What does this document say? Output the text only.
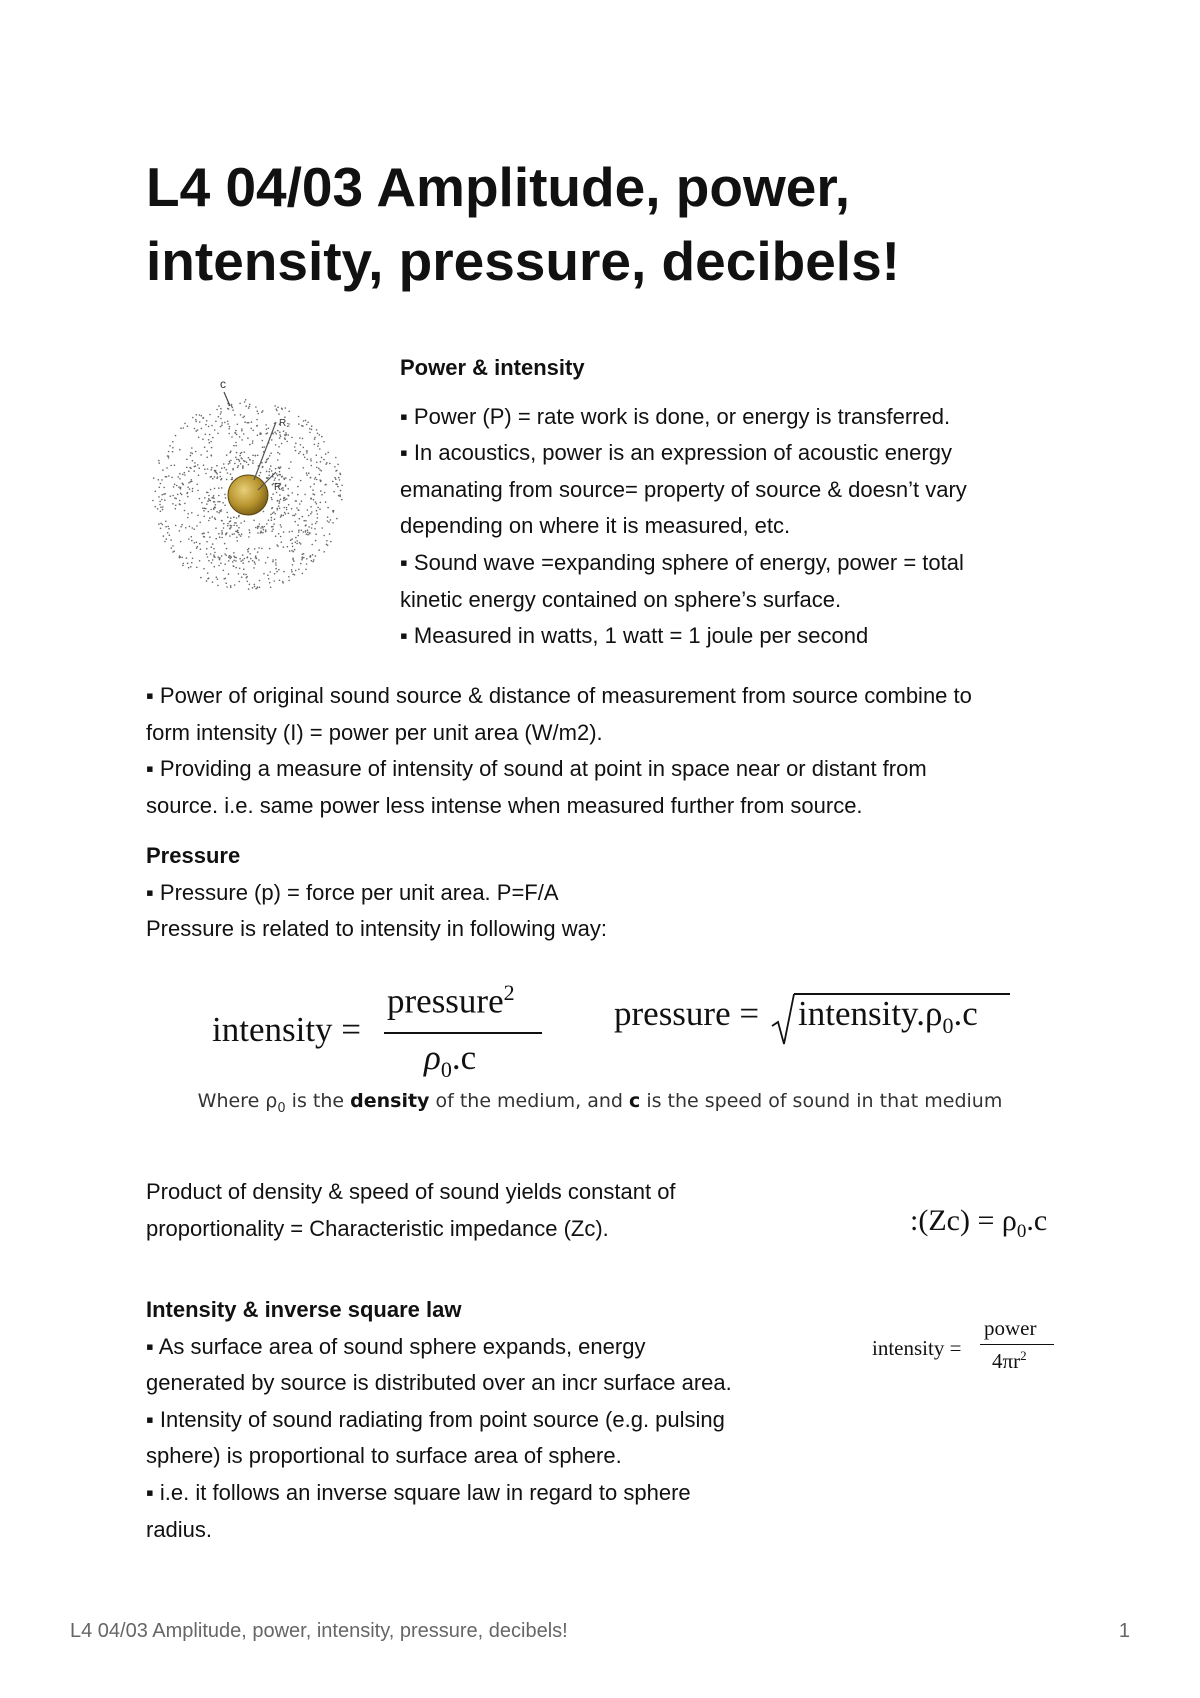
L4 04/03 Amplitude, power, intensity, pressure, decibels!
c
R₂
R₁
Power & intensity
▪ Power (P) = rate work is done, or energy is transferred.
▪ In acoustics, power is an expression of acoustic energy
emanating from source= property of source & doesn’t vary
depending on where it is measured, etc.
▪ Sound wave =expanding sphere of energy, power = total
kinetic energy contained on sphere’s surface.
▪ Measured in watts, 1 watt = 1 joule per second
▪ Power of original sound source & distance of measurement from source combine to
form intensity (I) = power per unit area (W/m2).
▪ Providing a measure of intensity of sound at point in space near or distant from
source. i.e. same power less intense when measured further from source.
Pressure
▪ Pressure (p) = force per unit area. P=F/A
Pressure is related to intensity in following way:
intensity =
pressure$^2$
$\rho_0.c$
pressure = $intensity.\rho_0.c$
Where $\rho_0$ is the density of the medium, and c is the speed of sound in that medium
Product of density & speed of sound yields constant of
proportionality = Characteristic impedance (Zc).	:(Zc) = $\rho_0.c$
Intensity & inverse square law
▪ As surface area of sound sphere expands, energy
generated by source is distributed over an incr surface area.
▪ Intensity of sound radiating from point source (e.g. pulsing
sphere) is proportional to surface area of sphere.
▪ i.e. it follows an inverse square law in regard to sphere
radius.
intensity =
power
$4\pi r^2$
L4 04/03 Amplitude, power, intensity, pressure, decibels!	1
